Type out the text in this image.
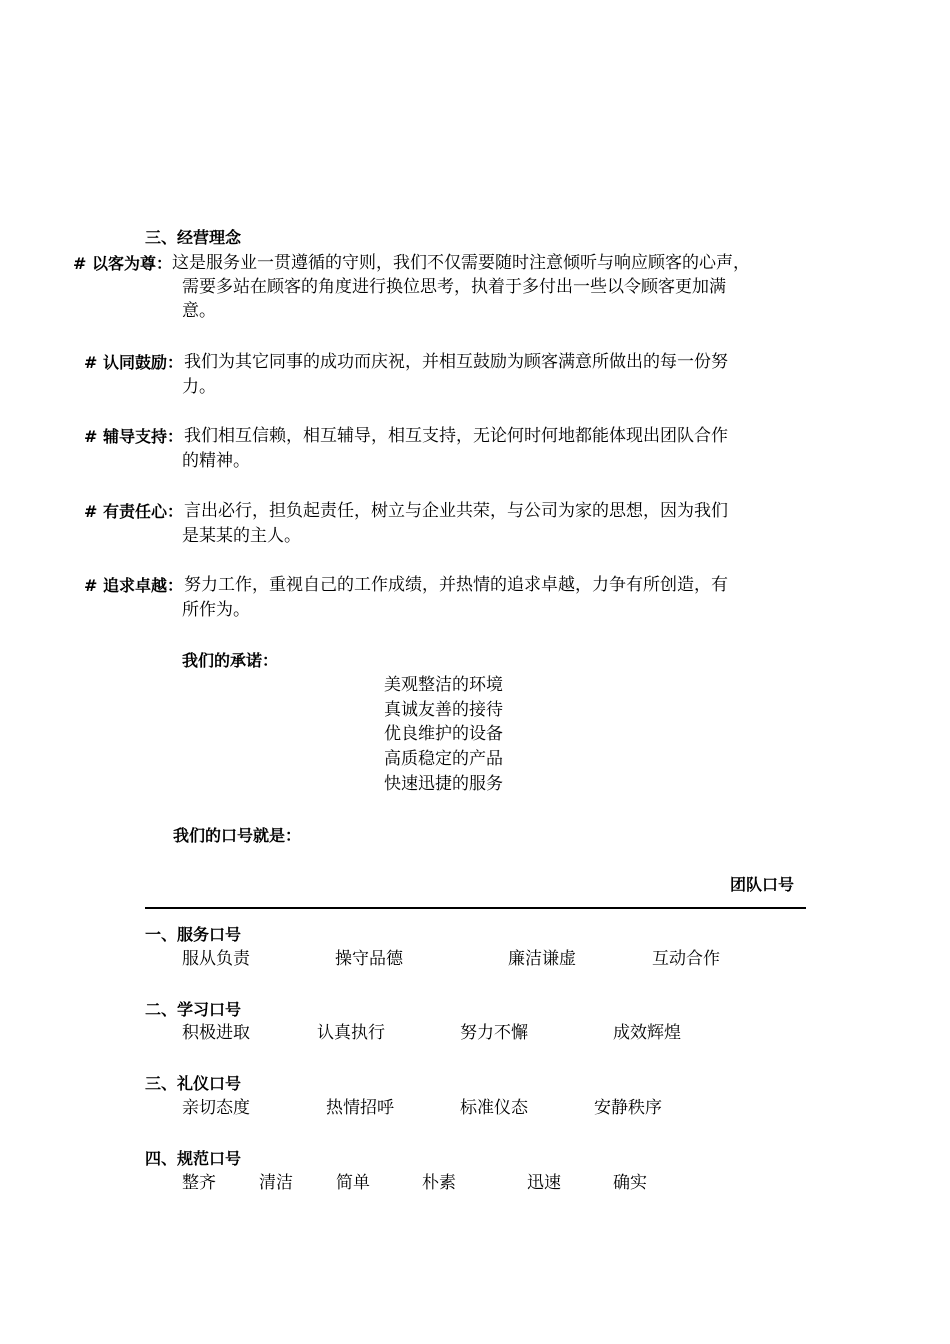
三、经营理念
# 以客为尊： 这是服务业一贯遵循的守则，我们不仅需要随时注意倾听与响应顾客的心声，
需要多站在顾客的角度进行换位思考，执着于多付出一些以令顾客更加满
意。
# 认同鼓励： 我们为其它同事的成功而庆祝，并相互鼓励为顾客满意所做出的每一份努
力。
# 辅导支持： 我们相互信赖，相互辅导，相互支持，无论何时何地都能体现出团队合作
的精神。
# 有责任心： 言出必行，担负起责任，树立与企业共荣，与公司为家的思想，因为我们
是某某的主人。
# 追求卓越： 努力工作，重视自己的工作成绩，并热情的追求卓越，力争有所创造，有
所作为。
我们的承诺：
美观整洁的环境
真诚友善的接待
优良维护的设备
高质稳定的产品
快速迅捷的服务
我们的口号就是：
团队口号
一、服务口号
服从负责	操守品德	廉洁谦虚	互动合作
二、学习口号
积极进取	认真执行	努力不懈	成效辉煌
三、礼仪口号
亲切态度	热情招呼	标准仪态	安静秩序
四、规范口号
整齐	清洁	简单	朴素	迅速	确实
